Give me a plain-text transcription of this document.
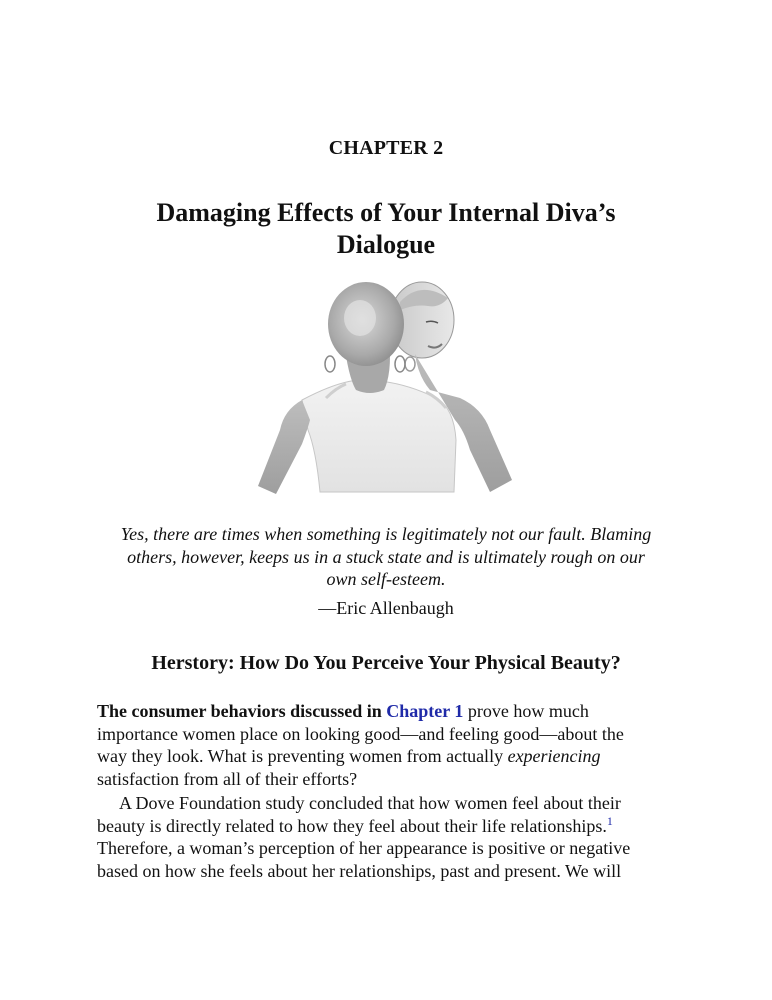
CHAPTER 2
Damaging Effects of Your Internal Diva’s
Dialogue
Yes, there are times when something is legitimately not our fault. Blaming
others, however, keeps us in a stuck state and is ultimately rough on our
own self-esteem.
—Eric Allenbaugh
Herstory: How Do You Perceive Your Physical Beauty?
The consumer behaviors discussed in Chapter 1 prove how much
importance women place on looking good—and feeling good—about the
way they look. What is preventing women from actually experiencing
satisfaction from all of their efforts?
A Dove Foundation study concluded that how women feel about their
beauty is directly related to how they feel about their life relationships.$^1$
Therefore, a woman’s perception of her appearance is positive or negative
based on how she feels about her relationships, past and present. We will
